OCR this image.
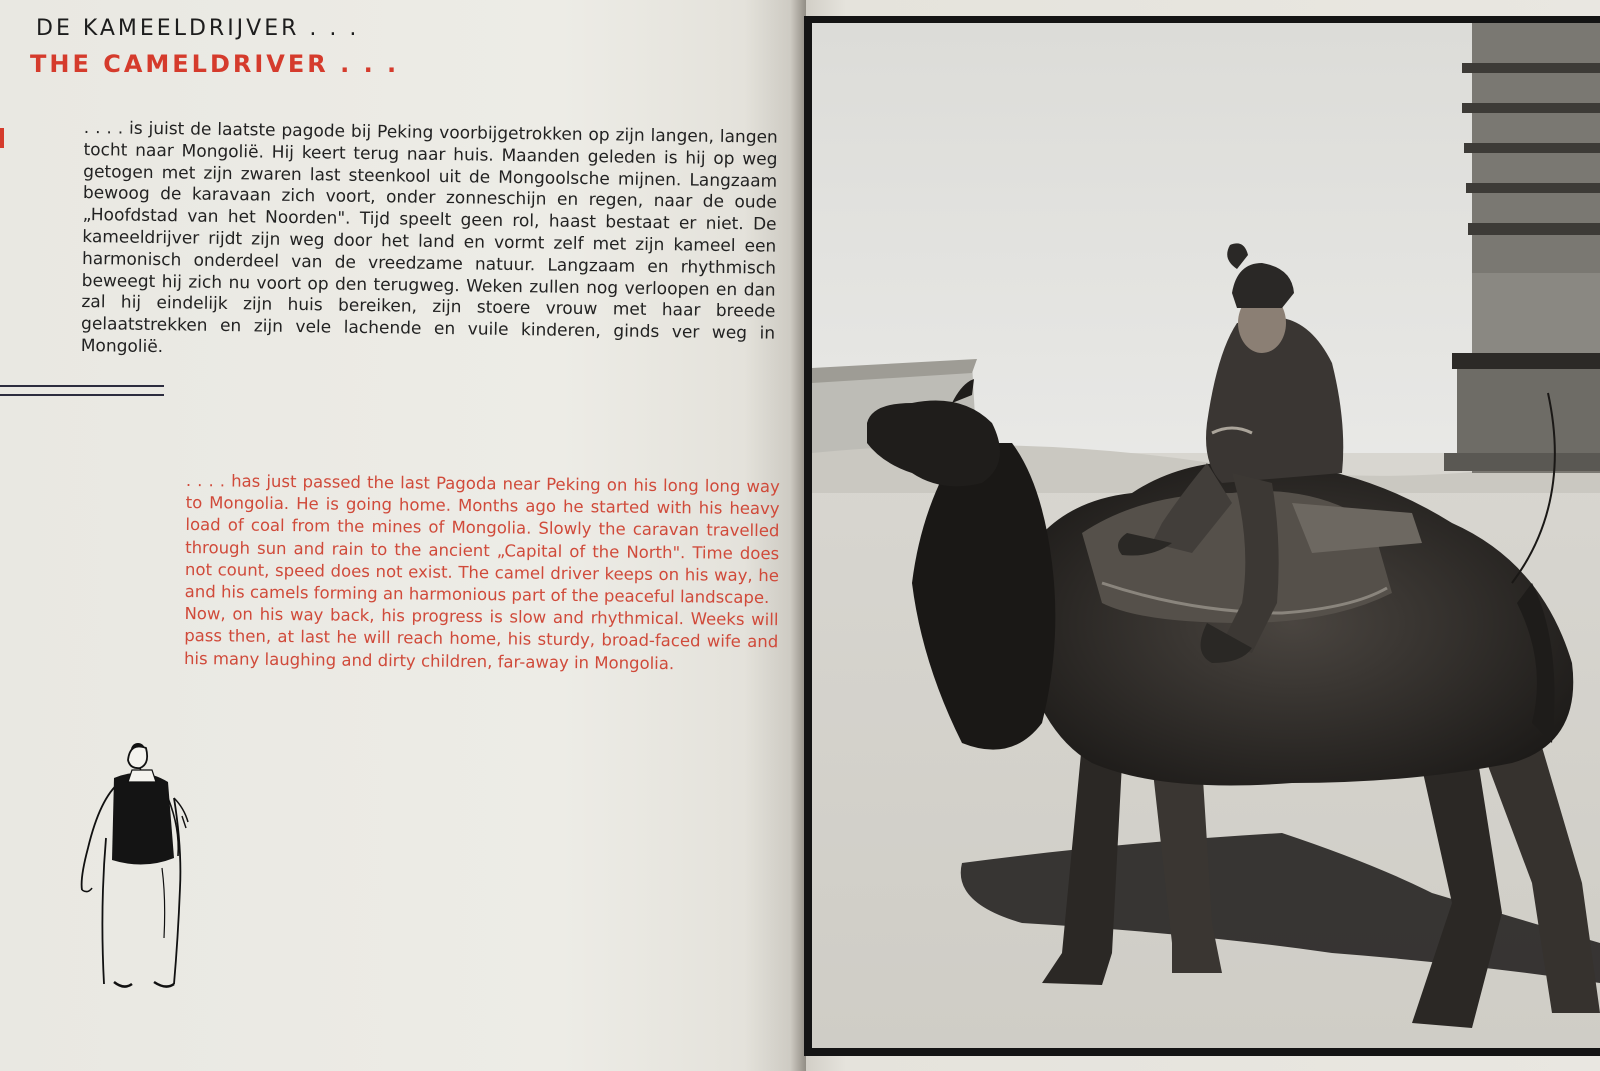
DE KAMEELDRIJVER . . .
THE CAMELDRIVER . . .

. . . . is juist de laatste pagode bij Peking voorbijgetrokken op zijn langen, langen tocht naar Mongolië. Hij keert terug naar huis. Maanden geleden is hij op weg getogen met zijn zwaren last steenkool uit de Mongoolsche mijnen. Langzaam bewoog de karavaan zich voort, onder zonneschijn en regen, naar de oude „Hoofdstad van het Noorden". Tijd speelt geen rol, haast bestaat er niet. De kameeldrijver rijdt zijn weg door het land en vormt zelf met zijn kameel een harmonisch onderdeel van de vreedzame natuur. Langzaam en rhythmisch beweegt hij zich nu voort op den terugweg. Weken zullen nog verloopen en dan zal hij eindelijk zijn huis bereiken, zijn stoere vrouw met haar breede gelaatstrekken en zijn vele lachende en vuile kinderen, ginds ver weg in Mongolië.

. . . . has just passed the last Pagoda near Peking on his long long way to Mongolia. He is going home. Months ago he started with his heavy load of coal from the mines of Mongolia. Slowly the caravan travelled through sun and rain to the ancient „Capital of the North". Time does not count, speed does not exist. The camel driver keeps on his way, he and his camels forming an harmonious part of the peaceful landscape.

Now, on his way back, his progress is slow and rhythmical. Weeks will pass then, at last he will reach home, his sturdy, broad-faced wife and his many laughing and dirty children, far-away in Mongolia.
